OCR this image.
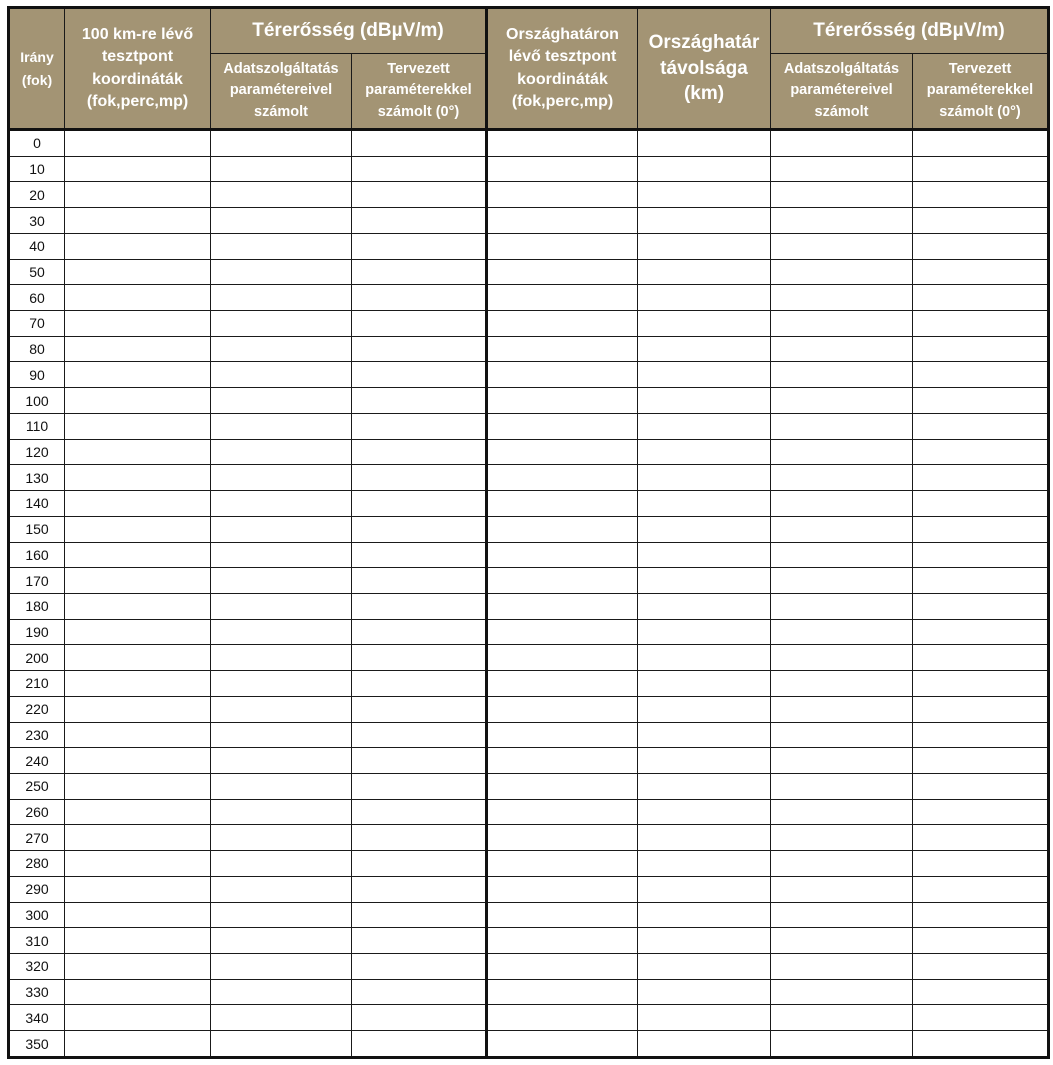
Irány (fok)	100 km-re lévő tesztpont koordináták (fok,perc,mp)	Térerősség (dBµV/m)		Országhatáron lévő tesztpont koordináták (fok,perc,mp)	Országhatár távolsága (km)	Térerősség (dBµV/m)	
		Adatszolgáltatás paramétereivel számolt	Tervezett paraméterekkel számolt (0°)			Adatszolgáltatás paramétereivel számolt	Tervezett paraméterekkel számolt (0°)
0							
10							
20							
30							
40							
50							
60							
70							
80							
90							
100							
110							
120							
130							
140							
150							
160							
170							
180							
190							
200							
210							
220							
230							
240							
250							
260							
270							
280							
290							
300							
310							
320							
330							
340							
350							
